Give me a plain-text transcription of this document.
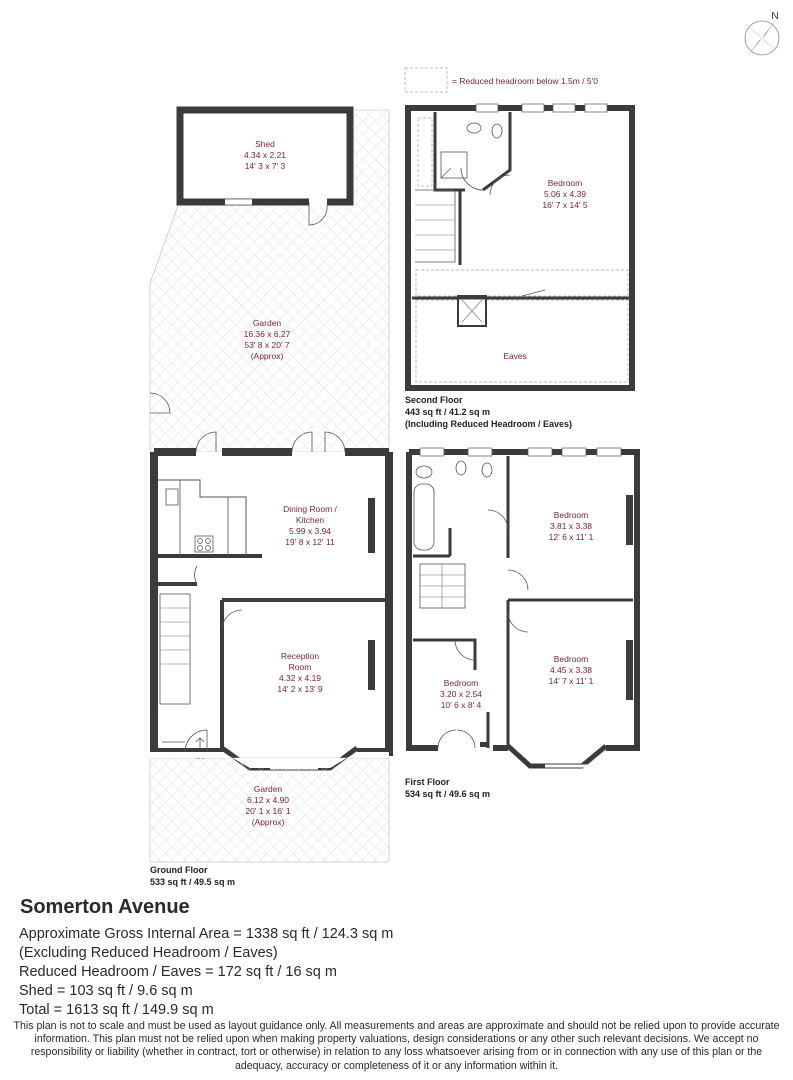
N
= Reduced headroom below 1.5m / 5'0
Shed
4.34 x 2.21
14' 3 x 7' 3
Garden
16.36 x 6.27
53' 8 x 20' 7
(Approx)
Dining Room /
Kitchen
5.99 x 3.94
19' 8 x 12' 11
Reception
Room
4.32 x 4.19
14' 2 x 13' 9
Garden
6.12 x 4.90
20' 1 x 16' 1
(Approx)
Ground Floor
533 sq ft / 49.5 sq m
Bedroom
5.06 x 4.39
16' 7 x 14' 5
Eaves
Second Floor
443 sq ft / 41.2 sq m
(Including Reduced Headroom / Eaves)
Bedroom
3.81 x 3.38
12' 6 x 11' 1
Bedroom
4.45 x 3.38
14' 7 x 11' 1
Bedroom
3.20 x 2.54
10' 6 x 8' 4
First Floor
534 sq ft / 49.6 sq m
Somerton Avenue
Approximate Gross Internal Area = 1338 sq ft / 124.3 sq m
(Excluding Reduced Headroom / Eaves)
Reduced Headroom / Eaves = 172 sq ft / 16 sq m
Shed = 103 sq ft / 9.6 sq m
Total = 1613 sq ft / 149.9 sq m
This plan is not to scale and must be used as layout guidance only. All measurements and areas are approximate and should not be relied upon to provide accurate information. This plan must not be relied upon when making property valuations, design considerations or any other such relevant decisions. We accept no responsibility or liability (whether in contract, tort or otherwise) in relation to any loss whatsoever arising from or in connection with any use of this plan or the adequacy, accuracy or completeness of it or any information within it.
